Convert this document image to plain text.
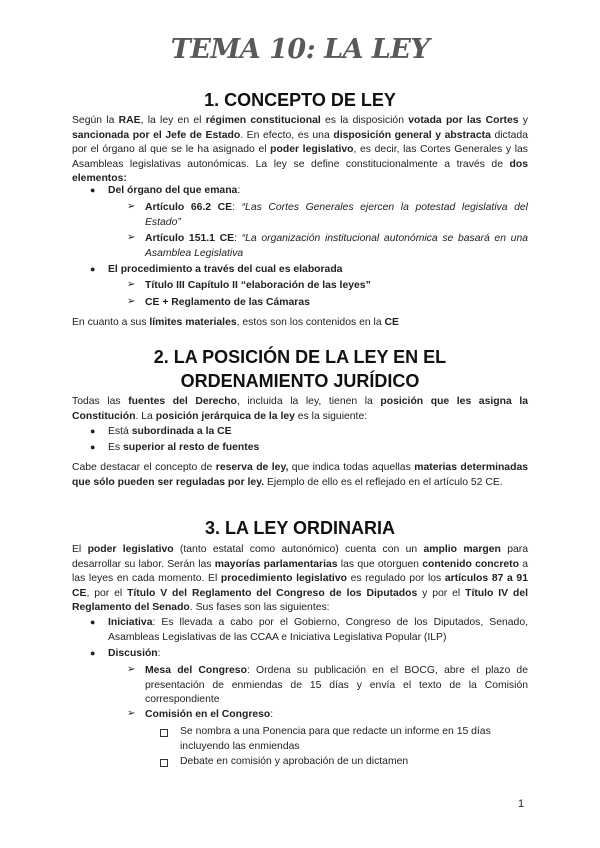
TEMA 10: LA LEY
1. CONCEPTO DE LEY
Según la RAE, la ley en el régimen constitucional es la disposición votada por las Cortes y sancionada por el Jefe de Estado. En efecto, es una disposición general y abstracta dictada por el órgano al que se le ha asignado el poder legislativo, es decir, las Cortes Generales y las Asambleas legislativas autonómicas. La ley se define constitucionalmente a través de dos elementos:
● Del órgano del que emana:
➢ Artículo 66.2 CE: “Las Cortes Generales ejercen la potestad legislativa del Estado”
➢ Artículo 151.1 CE: “La organización institucional autonómica se basará en una Asamblea Legislativa
● El procedimiento a través del cual es elaborada
➢ Título III Capítulo II “elaboración de las leyes”
➢ CE + Reglamento de las Cámaras
En cuanto a sus límites materiales, estos son los contenidos en la CE
2. LA POSICIÓN DE LA LEY EN EL
ORDENAMIENTO JURÍDICO
Todas las fuentes del Derecho, incluida la ley, tienen la posición que les asigna la Constitución. La posición jerárquica de la ley es la siguiente:
● Está subordinada a la CE
● Es superior al resto de fuentes
Cabe destacar el concepto de reserva de ley, que indica todas aquellas materias determinadas que sólo pueden ser reguladas por ley. Ejemplo de ello es el reflejado en el artículo 52 CE.
3. LA LEY ORDINARIA
El poder legislativo (tanto estatal como autonómico) cuenta con un amplio margen para desarrollar su labor. Serán las mayorías parlamentarias las que otorguen contenido concreto a las leyes en cada momento. El procedimiento legislativo es regulado por los artículos 87 a 91 CE, por el Título V del Reglamento del Congreso de los Diputados y por el Título IV del Reglamento del Senado. Sus fases son las siguientes:
● Iniciativa: Es llevada a cabo por el Gobierno, Congreso de los Diputados, Senado, Asambleas Legislativas de las CCAA e Iniciativa Legislativa Popular (ILP)
● Discusión:
➢ Mesa del Congreso: Ordena su publicación en el BOCG, abre el plazo de presentación de enmiendas de 15 días y envía el texto de la Comisión correspondiente
➢ Comisión en el Congreso:
Se nombra a una Ponencia para que redacte un informe en 15 días incluyendo las enmiendas
Debate en comisión y aprobación de un dictamen
1
